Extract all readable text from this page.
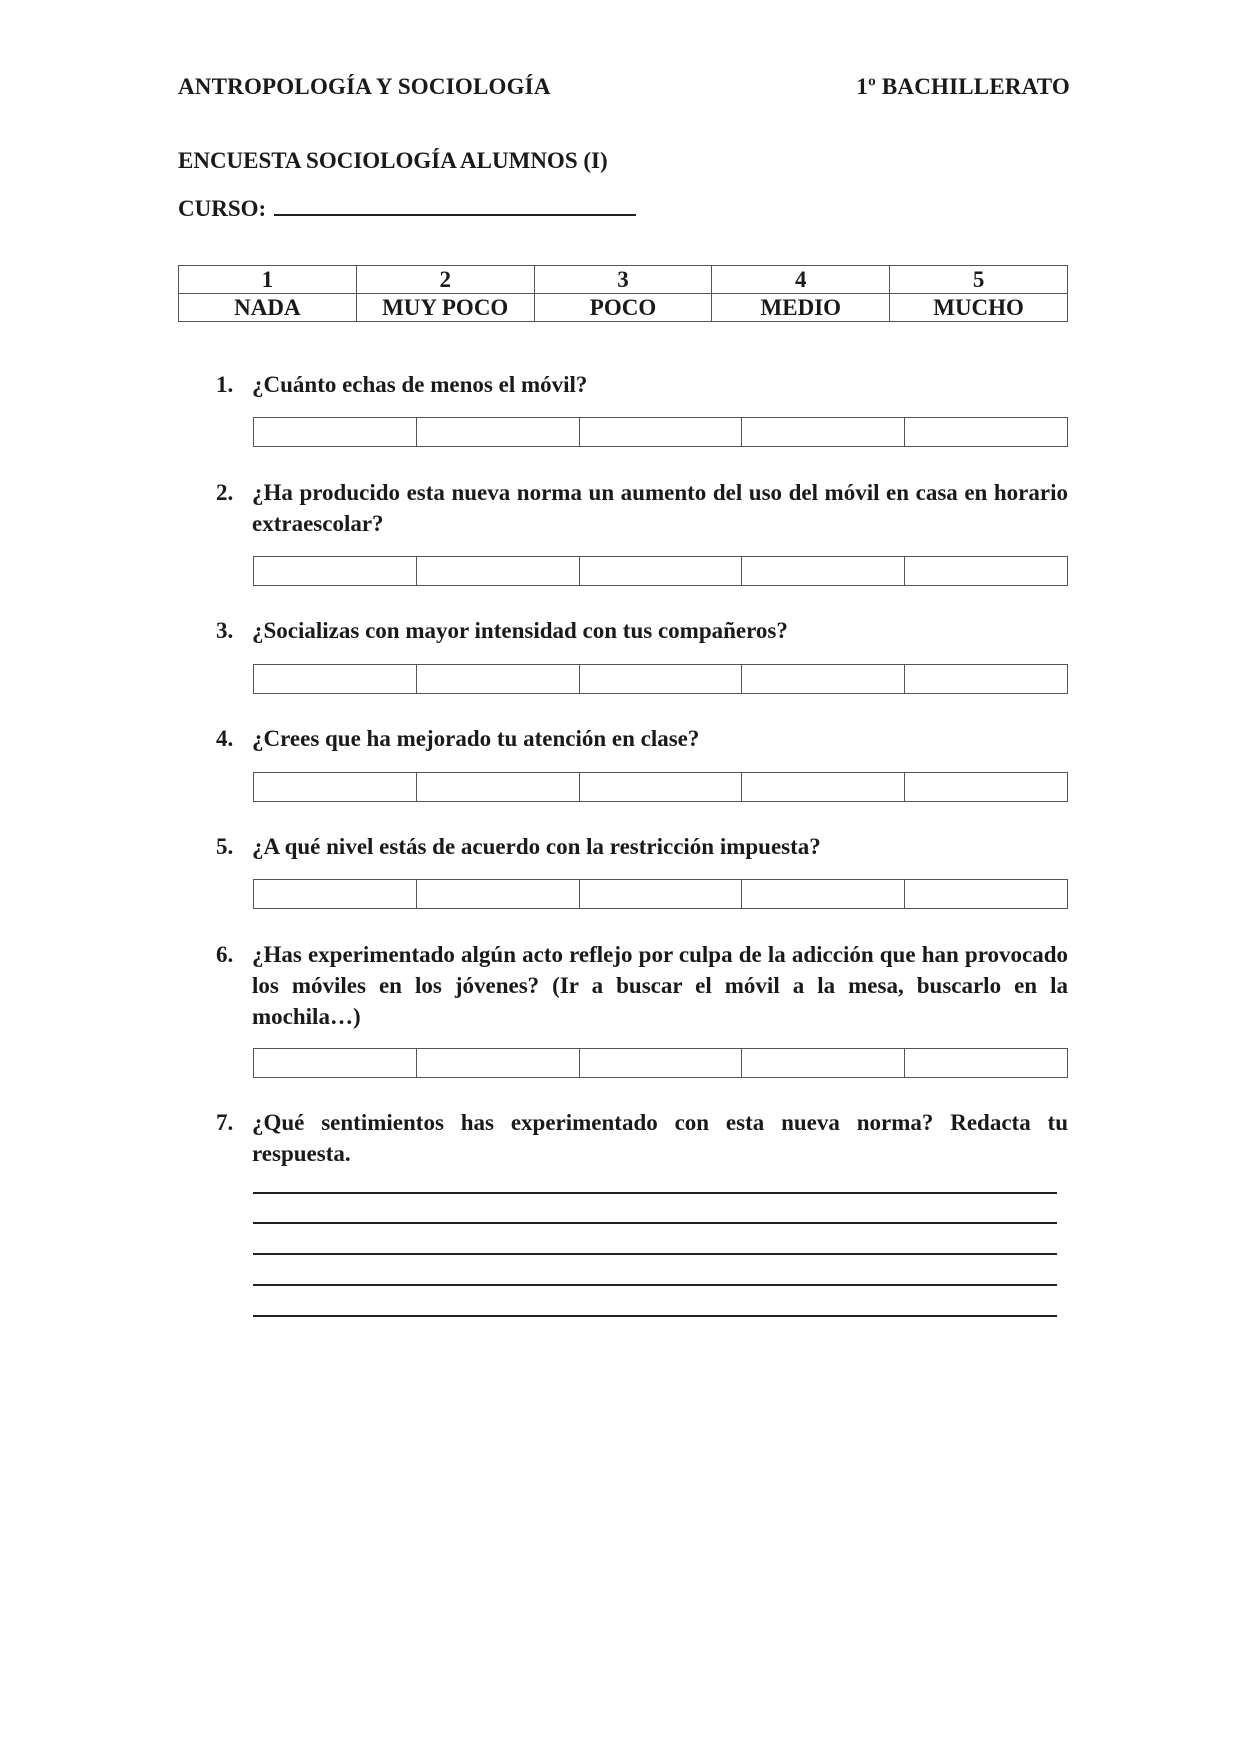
ANTROPOLOGÍA Y SOCIOLOGÍA	1º BACHILLERATO
ENCUESTA SOCIOLOGÍA ALUMNOS (I)
CURSO:
1	2	3	4	5
NADA	MUY POCO	POCO	MEDIO	MUCHO
1. ¿Cuánto echas de menos el móvil?

2. ¿Ha producido esta nueva norma un aumento del uso del móvil en casa en horario extraescolar?

3. ¿Socializas con mayor intensidad con tus compañeros?

4. ¿Crees que ha mejorado tu atención en clase?

5. ¿A qué nivel estás de acuerdo con la restricción impuesta?

6. ¿Has experimentado algún acto reflejo por culpa de la adicción que han provocado los móviles en los jóvenes? (Ir a buscar el móvil a la mesa, buscarlo en la mochila…)

7. ¿Qué sentimientos has experimentado con esta nueva norma? Redacta tu respuesta.
